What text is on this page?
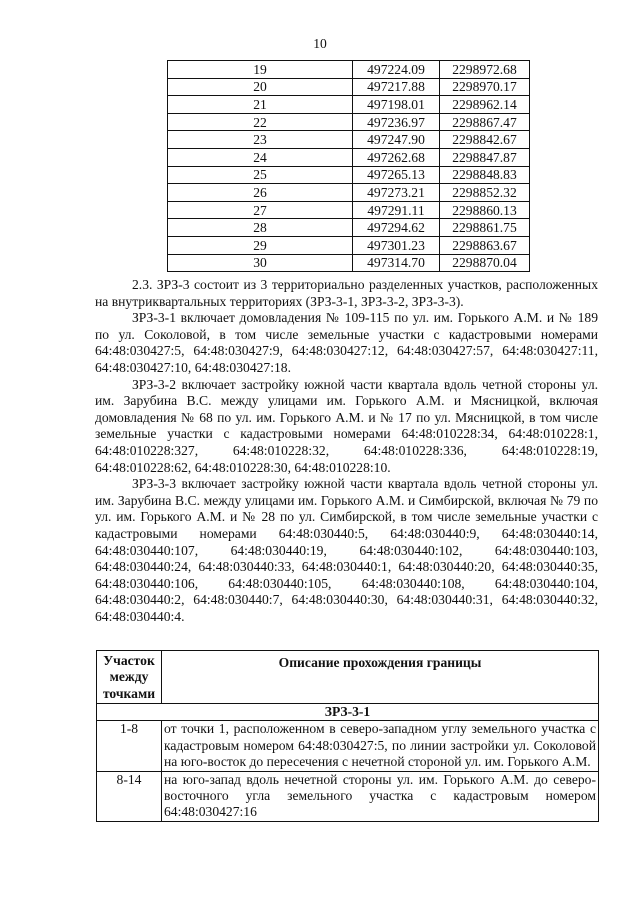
10
19	497224.09	2298972.68
20	497217.88	2298970.17
21	497198.01	2298962.14
22	497236.97	2298867.47
23	497247.90	2298842.67
24	497262.68	2298847.87
25	497265.13	2298848.83
26	497273.21	2298852.32
27	497291.11	2298860.13
28	497294.62	2298861.75
29	497301.23	2298863.67
30	497314.70	2298870.04

2.3. ЗРЗ-3 состоит из 3 территориально разделенных участков, расположенных на внутриквартальных территориях (ЗРЗ-3-1, ЗРЗ-3-2, ЗРЗ-3-3).

ЗРЗ-3-1 включает домовладения № 109-115 по ул. им. Горького А.М. и № 189 по ул. Соколовой, в том числе земельные участки с кадастровыми номерами 64:48:030427:5, 64:48:030427:9, 64:48:030427:12, 64:48:030427:57, 64:48:030427:11, 64:48:030427:10, 64:48:030427:18.

ЗРЗ-3-2 включает застройку южной части квартала вдоль четной стороны ул. им. Зарубина В.С. между улицами им. Горького А.М. и Мясницкой, включая домовладения № 68 по ул. им. Горького А.М. и № 17 по ул. Мясницкой, в том числе земельные участки с кадастровыми номерами 64:48:010228:34, 64:48:010228:1, 64:48:010228:327, 64:48:010228:32, 64:48:010228:336, 64:48:010228:19, 64:48:010228:62, 64:48:010228:30, 64:48:010228:10.

ЗРЗ-3-3 включает застройку южной части квартала вдоль четной стороны ул. им. Зарубина В.С. между улицами им. Горького А.М. и Симбирской, включая № 79 по ул. им. Горького А.М. и № 28 по ул. Симбирской, в том числе земельные участки с кадастровыми номерами 64:48:030440:5, 64:48:030440:9, 64:48:030440:14, 64:48:030440:107, 64:48:030440:19, 64:48:030440:102, 64:48:030440:103, 64:48:030440:24, 64:48:030440:33, 64:48:030440:1, 64:48:030440:20, 64:48:030440:35, 64:48:030440:106, 64:48:030440:105, 64:48:030440:108, 64:48:030440:104, 64:48:030440:2, 64:48:030440:7, 64:48:030440:30, 64:48:030440:31, 64:48:030440:32, 64:48:030440:4.

Участок между точками	Описание прохождения границы
ЗРЗ-3-1	
1-8	от точки 1, расположенном в северо-западном углу земельного участка с кадастровым номером 64:48:030427:5, по линии застройки ул. Соколовой на юго-восток до пересечения с нечетной стороной ул. им. Горького А.М.
8-14	на юго-запад вдоль нечетной стороны ул. им. Горького А.М. до северо-восточного угла земельного участка с кадастровым номером 64:48:030427:16
